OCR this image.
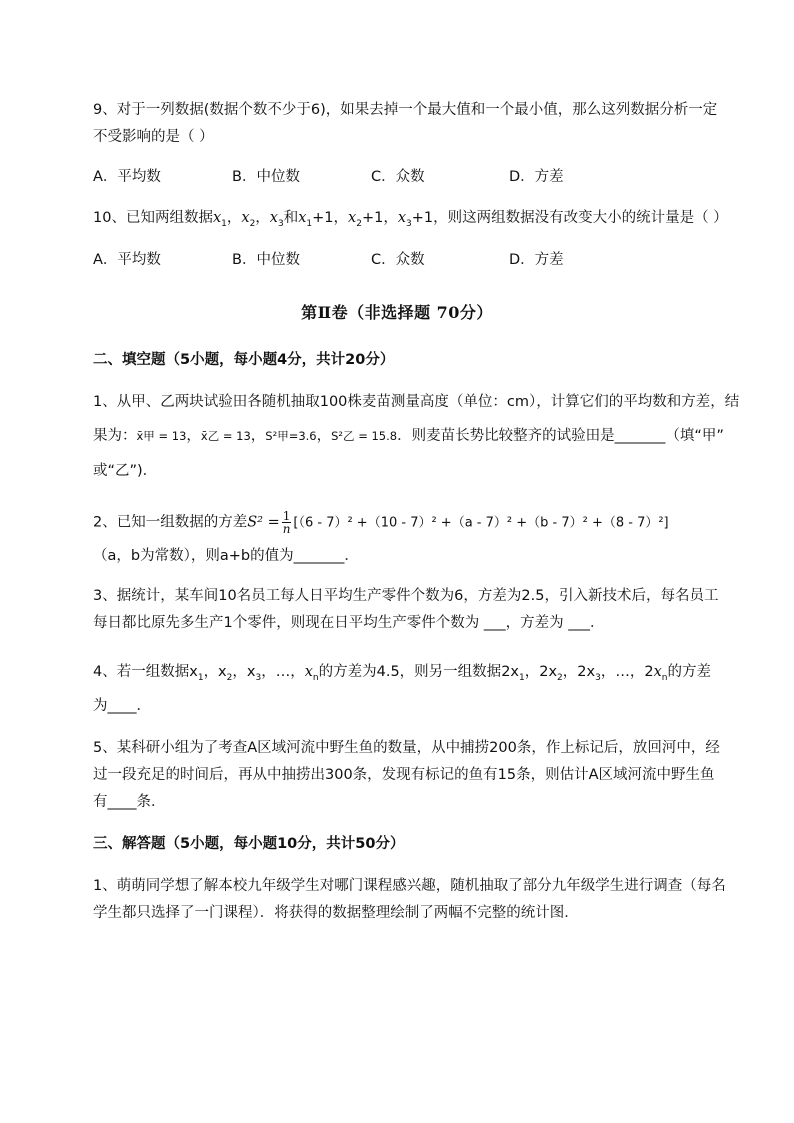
9、对于一列数据(数据个数不少于6)，如果去掉一个最大值和一个最小值，那么这列数据分析一定
不受影响的是（ ）
A．平均数	B．中位数	C．众数	D．方差
10、已知两组数据$x_1$，$x_2$，$x_3$和$x_1+1$，$x_2+1$，$x_3+1$，则这两组数据没有改变大小的统计量是（ ）
A．平均数	B．中位数	C．众数	D．方差
第Ⅱ卷（非选择题 70分）
二、填空题（5小题，每小题4分，共计20分）
1、从甲、乙两块试验田各随机抽取100株麦苗测量高度（单位：cm），计算它们的平均数和方差，结
果为：x̄甲 = 13，x̄乙 = 13，S²甲=3.6，S²乙 = 15.8．则麦苗长势比较整齐的试验田是_______（填“甲”
或“乙”)．
2、已知一组数据的方差$S^2 = \frac{1}{n} [(6 - 7)^2 +(10 - 7)^2 +(a - 7)^2 +(b - 7)^2 +(8 - 7)^2]$
（a，b为常数），则a+b的值为_______．
3、据统计，某车间10名员工每人日平均生产零件个数为6，方差为2.5，引入新技术后，每名员工
每日都比原先多生产1个零件，则现在日平均生产零件个数为 ___，方差为 ___．
4、若一组数据$x_1$，$x_2$，$x_3$，…，$x_n$的方差为4.5，则另一组数据$2x_1$，$2x_2$，$2x_3$，…，$2x_n$的方差
为____．
5、某科研小组为了考查A区域河流中野生鱼的数量，从中捕捞200条，作上标记后，放回河中，经
过一段充足的时间后，再从中抽捞出300条，发现有标记的鱼有15条，则估计A区域河流中野生鱼
有____条．
三、解答题（5小题，每小题10分，共计50分）
1、萌萌同学想了解本校九年级学生对哪门课程感兴趣，随机抽取了部分九年级学生进行调查（每名
学生都只选择了一门课程）．将获得的数据整理绘制了两幅不完整的统计图．
